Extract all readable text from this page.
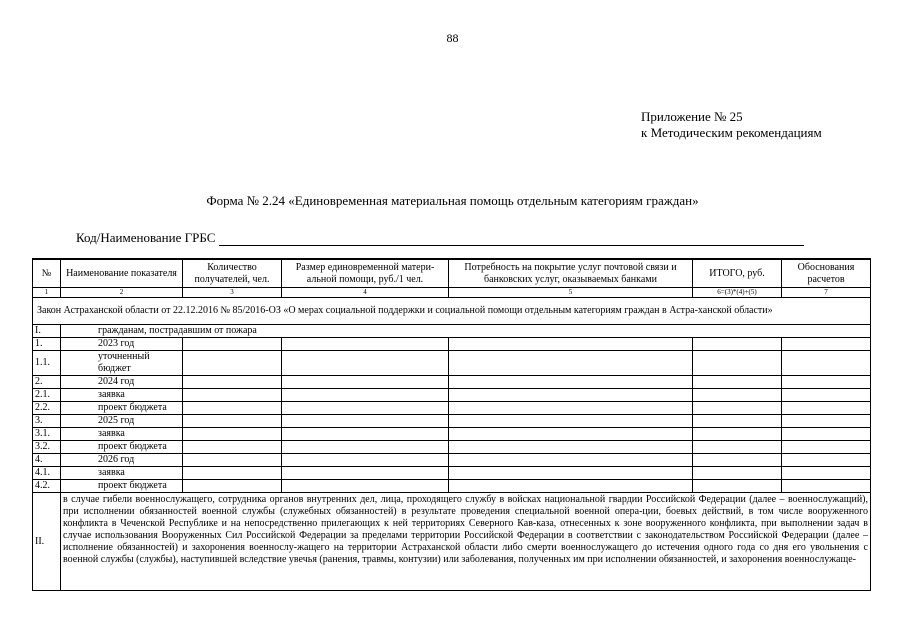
88
Приложение № 25
к Методическим рекомендациям
Форма № 2.24 «Единовременная материальная помощь отдельным категориям граждан»
Код/Наименование ГРБС
№	Наименование показателя	Количество получателей, чел.	Размер единовременной матери-альной помощи, руб./1 чел.	Потребность на покрытие услуг почтовой связи и банковских услуг, оказываемых банками	ИТОГО, руб.	Обоснования расчетов
1	2	3	4	5	6=(3)*(4)+(5)	7
Закон Астраханской области от 22.12.2016 № 85/2016-ОЗ «О мерах социальной поддержки и социальной помощи отдельным категориям граждан в Астра-ханской области»						
I.	гражданам, пострадавшим от пожара					
1.	2023 год					
1.1.	уточненный бюджет					
2.	2024 год					
2.1.	заявка					
2.2.	проект бюджета					
3.	2025 год					
3.1.	заявка					
3.2.	проект бюджета					
4.	2026 год					
4.1.	заявка					
4.2.	проект бюджета					
II.	в случае гибели военнослужащего, сотрудника органов внутренних дел, лица, проходящего службу в войсках национальной гвардии Российской Федерации (далее – военнослужащий), при исполнении обязанностей военной службы (служебных обязанностей) в результате проведения специальной военной опера-ции, боевых действий, в том числе вооруженного конфликта в Чеченской Республике и на непосредственно прилегающих к ней территориях Северного Кав-каза, отнесенных к зоне вооруженного конфликта, при выполнении задач в случае использования Вооруженных Сил Российской Федерации за пределами территории Российской Федерации в соответствии с законодательством Российской Федерации (далее – исполнение обязанностей) и захоронения военнослу-жащего на территории Астраханской области либо смерти военнослужащего до истечения одного года со дня его увольнения с военной службы (службы), наступившей вследствие увечья (ранения, травмы, контузии) или заболевания, полученных им при исполнении обязанностей, и захоронения военнослужаще-					
